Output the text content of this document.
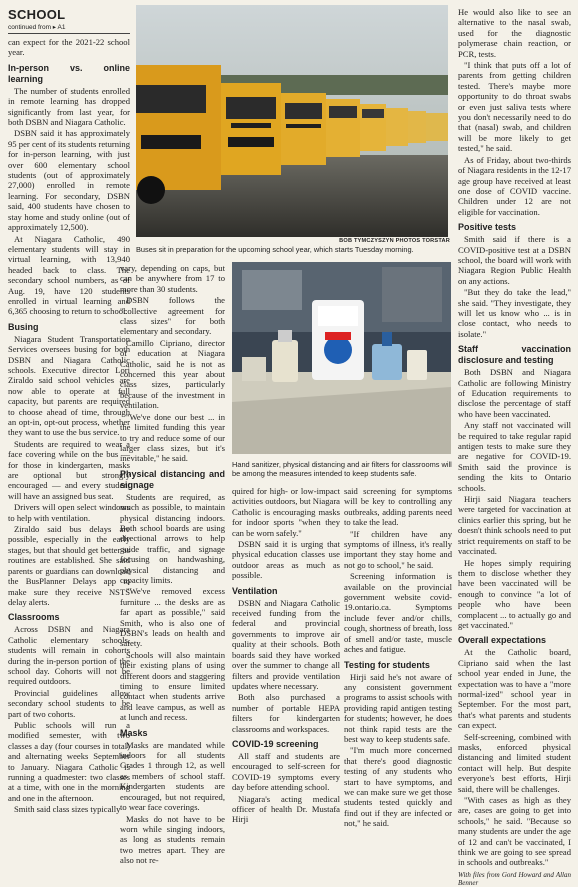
SCHOOL
continued from ▸ A1

can expect for the 2021-22 school year.

In-person vs. online learning

The number of students enrolled in remote learning has dropped significantly from last year, for both DSBN and Niagara Catholic.

DSBN said it has approximately 95 per cent of its students returning for in-person learning, with just over 600 elementary school students (out of approximately 27,000) enrolled in remote learning. For secondary, DSBN said, 400 students have chosen to stay home and study online (out of approximately 12,500).

At Niagara Catholic, 490 elementary students will stay in virtual learning, with 13,940 headed back to class. The secondary school numbers, as of Aug. 19, have 120 students enrolled in virtual learning and 6,365 choosing to return to school.

Busing

Niagara Student Transportation Services oversees busing for both DSBN and Niagara Catholic schools. Executive director Lori Ziraldo said school vehicles are now able to operate at full capacity, but parents are required to choose ahead of time, through an opt-in, opt-out process, whether they want to use the bus service.

Students are required to wear a face covering while on the bus — for those in kindergarten, masks are optional but strongly encouraged — and every student will have an assigned bus seat.

Drivers will open select windows to help with ventilation.

Ziraldo said bus delays are possible, especially in the early stages, but that should get better as routines are established. She said parents or guardians can download the BusPlanner Delays app to make sure they receive NSTS delay alerts.

Classrooms

Across DSBN and Niagara Catholic elementary schools, students will remain in cohorts during the in-person portion of the school day. Cohorts will not be required outdoors.

Provincial guidelines allow secondary school students to be part of two cohorts.

Public schools will run a modified semester, with two classes a day (four courses in total) and alternating weeks September to January. Niagara Catholic is running a quadmester: two classes at a time, with one in the morning and one in the afternoon.

Smith said class sizes typically

BOB TYMCZYSZYN PHOTOS TORSTAR
Buses sit in preparation for the upcoming school year, which starts Tuesday morning.

vary, depending on caps, but can be anywhere from 17 to more than 30 students.

DSBN follows the "collective agreement for class sizes" for both elementary and secondary.

Camillo Cipriano, director of education at Niagara Catholic, said he is not as concerned this year about class sizes, particularly because of the investment in ventilation.

"We've done our best ... in the limited funding this year to try and reduce some of our larger class sizes, but it's inevitable," he said.

Physical distancing and signage

Students are required, as much as possible, to maintain physical distancing indoors. Both school boards are using directional arrows to help guide traffic, and signage focusing on handwashing, physical distancing and capacity limits.

"We've removed excess furniture ... the desks are as far apart as possible," said Smith, who is also one of DSBN's leads on health and safety.

Schools will also maintain their existing plans of using different doors and staggering timing to ensure limited contact when students arrive and leave campus, as well as at lunch and recess.

Masks

Masks are mandated while indoors for all students Grades 1 through 12, as well as members of school staff. Kindergarten students are encouraged, but not required, to wear face coverings.

Masks do not have to be worn while singing indoors, as long as students remain two metres apart. They are also not re-

Hand sanitizer, physical distancing and air filters for classrooms will be among the measures intended to keep students safe.

quired for high- or low-impact activities outdoors, but Niagara Catholic is encouraging masks for indoor sports "when they can be worn safely."

DSBN said it is urging that physical education classes use outdoor areas as much as possible.

Ventilation

DSBN and Niagara Catholic received funding from the federal and provincial governments to improve air quality at their schools. Both boards said they have worked over the summer to change all filters and provide ventilation updates where necessary.

Both also purchased a number of portable HEPA filters for kindergarten classrooms and workspaces.

COVID-19 screening

All staff and students are encouraged to self-screen for COVID-19 symptoms every day before attending school.

Niagara's acting medical officer of health Dr. Mustafa Hirji

said screening for symptoms will be key to controlling any outbreaks, adding parents need to take the lead.

"If children have any symptoms of illness, it's really important they stay home and not go to school," he said.

Screening information is available on the provincial government website covid-19.ontario.ca. Symptoms include fever and/or chills, cough, shortness of breath, loss of smell and/or taste, muscle aches and fatigue.

Testing for students

Hirji said he's not aware of any consistent government programs to assist schools with providing rapid antigen testing for students; however, he does not think rapid tests are the best way to keep students safe.

"I'm much more concerned that there's good diagnostic testing of any students who start to have symptoms, and we can make sure we get those students tested quickly and find out if they are infected or not," he said.

He would also like to see an alternative to the nasal swab, used for the diagnostic polymerase chain reaction, or PCR, tests.

"I think that puts off a lot of parents from getting children tested. There's maybe more opportunity to do throat swabs or even just saliva tests where you don't necessarily need to do that (nasal) swab, and children will be more likely to get tested," he said.

As of Friday, about two-thirds of Niagara residents in the 12-17 age group have received at least one dose of COVID vaccine. Children under 12 are not eligible for vaccination.

Positive tests

Smith said if there is a COVID-positive test at a DSBN school, the board will work with Niagara Region Public Health on any actions.

"But they do take the lead," she said. "They investigate, they will let us know who ... is in close contact, who needs to isolate."

Staff vaccination disclosure and testing

Both DSBN and Niagara Catholic are following Ministry of Education requirements to disclose the percentage of staff who have been vaccinated.

Any staff not vaccinated will be required to take regular rapid antigen tests to make sure they are negative for COVID-19. Smith said the province is sending the kits to Ontario schools.

Hirji said Niagara teachers were targeted for vaccination at clinics earlier this spring, but he doesn't think schools need to put strict requirements on staff to be vaccinated.

He hopes simply requiring them to disclose whether they have been vaccinated will be enough to convince "a lot of people who have been complacent ... to actually go and get vaccinated."

Overall expectations

At the Catholic board, Cipriano said when the last school year ended in June, the expectation was to have a "more normal-ized" school year in September. For the most part, that's what parents and students can expect.

Self-screening, combined with masks, enforced physical distancing and limited student contact will help. But despite everyone's best efforts, Hirji said, there will be challenges.

"With cases as high as they are, cases are going to get into schools," he said. "Because so many students are under the age of 12 and can't be vaccinated, I think we are going to see spread in schools and outbreaks."

With files from Gord Howard and Allan Benner
